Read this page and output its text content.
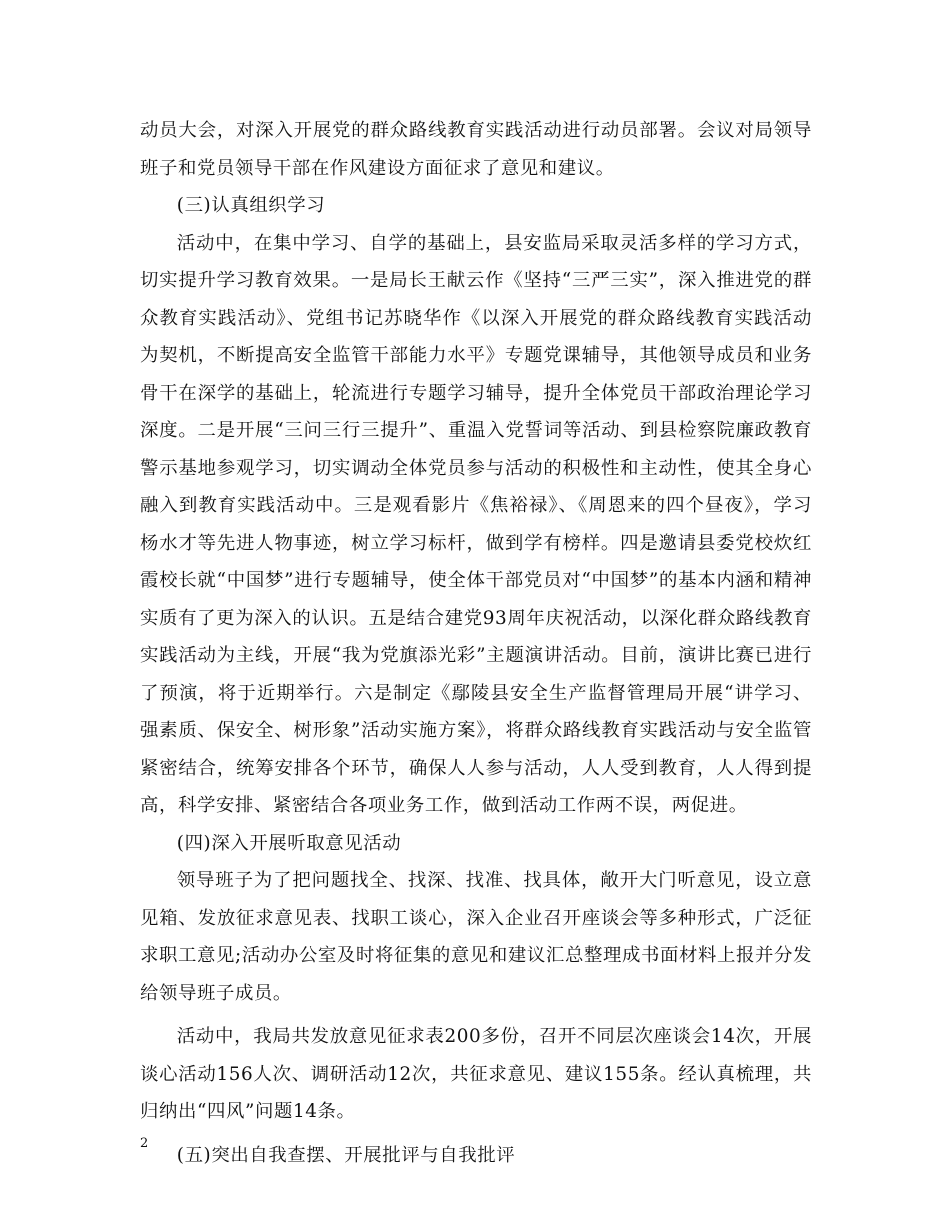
动员大会，对深入开展党的群众路线教育实践活动进行动员部署。会议对局领导班子和党员领导干部在作风建设方面征求了意见和建议。

(三)认真组织学习

活动中，在集中学习、自学的基础上，县安监局采取灵活多样的学习方式，切实提升学习教育效果。一是局长王献云作《坚持“三严三实”，深入推进党的群众教育实践活动》、党组书记苏晓华作《以深入开展党的群众路线教育实践活动为契机，不断提高安全监管干部能力水平》专题党课辅导，其他领导成员和业务骨干在深学的基础上，轮流进行专题学习辅导，提升全体党员干部政治理论学习深度。二是开展“三问三行三提升”、重温入党誓词等活动、到县检察院廉政教育警示基地参观学习，切实调动全体党员参与活动的积极性和主动性，使其全身心融入到教育实践活动中。三是观看影片《焦裕禄》、《周恩来的四个昼夜》，学习杨水才等先进人物事迹，树立学习标杆，做到学有榜样。四是邀请县委党校炊红霞校长就“中国梦”进行专题辅导，使全体干部党员对“中国梦”的基本内涵和精神实质有了更为深入的认识。五是结合建党93周年庆祝活动，以深化群众路线教育实践活动为主线，开展“我为党旗添光彩”主题演讲活动。目前，演讲比赛已进行了预演，将于近期举行。六是制定《鄢陵县安全生产监督管理局开展“讲学习、强素质、保安全、树形象”活动实施方案》，将群众路线教育实践活动与安全监管紧密结合，统筹安排各个环节，确保人人参与活动，人人受到教育，人人得到提高，科学安排、紧密结合各项业务工作，做到活动工作两不误，两促进。

(四)深入开展听取意见活动

领导班子为了把问题找全、找深、找准、找具体，敞开大门听意见，设立意见箱、发放征求意见表、找职工谈心，深入企业召开座谈会等多种形式，广泛征求职工意见;活动办公室及时将征集的意见和建议汇总整理成书面材料上报并分发给领导班子成员。

活动中，我局共发放意见征求表200多份，召开不同层次座谈会14次，开展谈心活动156人次、调研活动12次，共征求意见、建议155条。经认真梳理，共归纳出“四风”问题14条。

(五)突出自我查摆、开展批评与自我批评

2
